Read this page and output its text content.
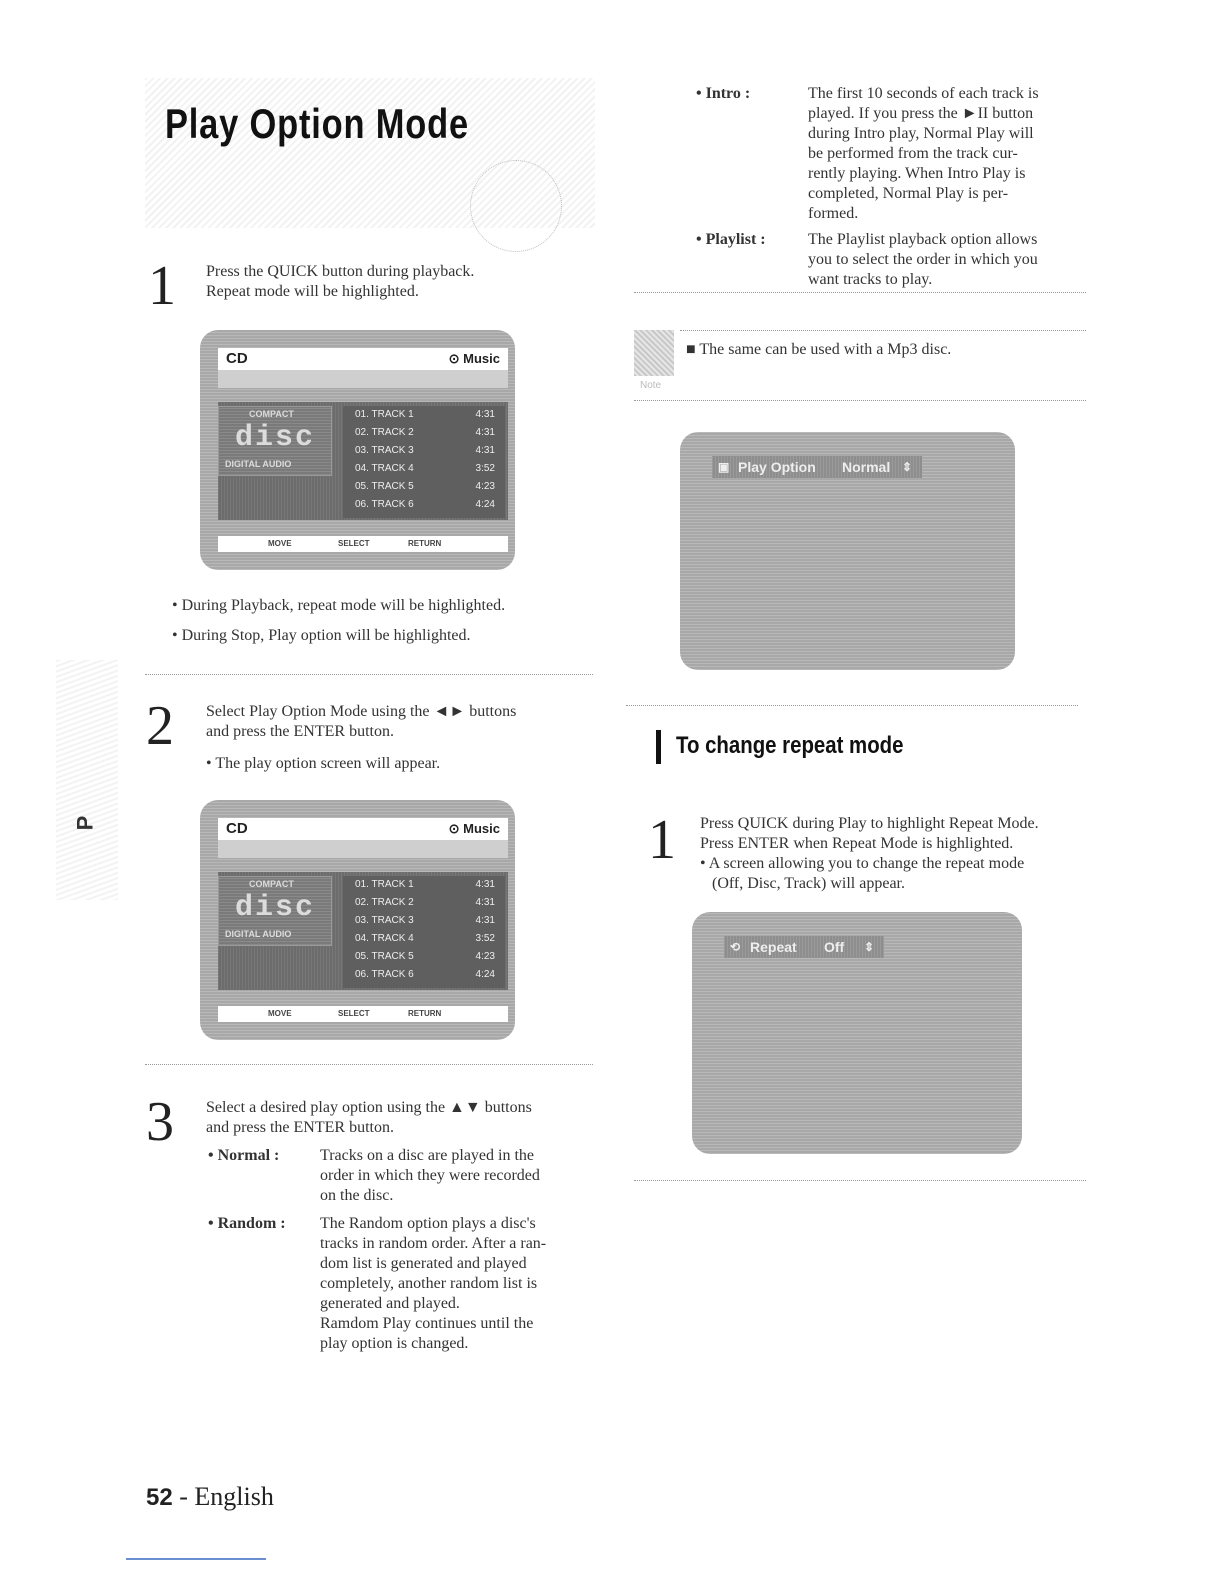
Play Option Mode
P
1 Press the QUICK button during playback.
Repeat mode will be highlighted.
CD	⊙ Music
COMPACT
disc
DIGITAL AUDIO
01. TRACK 1	4:31
02. TRACK 2	4:31
03. TRACK 3	4:31
04. TRACK 4	3:52
05. TRACK 5	4:23
06. TRACK 6	4:24
MOVE	SELECT	RETURN
• During Playback, repeat mode will be highlighted.
• During Stop, Play option will be highlighted.
2 Select Play Option Mode using the ◄► buttons
and press the ENTER button.
• The play option screen will appear.
CD	⊙ Music
COMPACT
disc
DIGITAL AUDIO
01. TRACK 1	4:31
02. TRACK 2	4:31
03. TRACK 3	4:31
04. TRACK 4	3:52
05. TRACK 5	4:23
06. TRACK 6	4:24
MOVE	SELECT	RETURN
3 Select a desired play option using the ▲▼ buttons
and press the ENTER button.
• Normal :	Tracks on a disc are played in the
order in which they were recorded
on the disc.
• Random : The Random option plays a disc's
tracks in random order. After a ran-
dom list is generated and played
completely, another random list is
generated and played.
Ramdom Play continues until the
play option is changed.
• Intro :	The first 10 seconds of each track is
played. If you press the ►II button
during Intro play, Normal Play will
be performed from the track cur-
rently playing. When Intro Play is
completed, Normal Play is per-
formed.
• Playlist :	The Playlist playback option allows
you to select the order in which you
want tracks to play.
Note
■ The same can be used with a Mp3 disc.
▣ Play Option Normal ⇕
To change repeat mode
1 Press QUICK during Play to highlight Repeat Mode.
Press ENTER when Repeat Mode is highlighted.
• A screen allowing you to change the repeat mode
(Off, Disc, Track) will appear.
⟲ Repeat Off ⇕
52 - English
